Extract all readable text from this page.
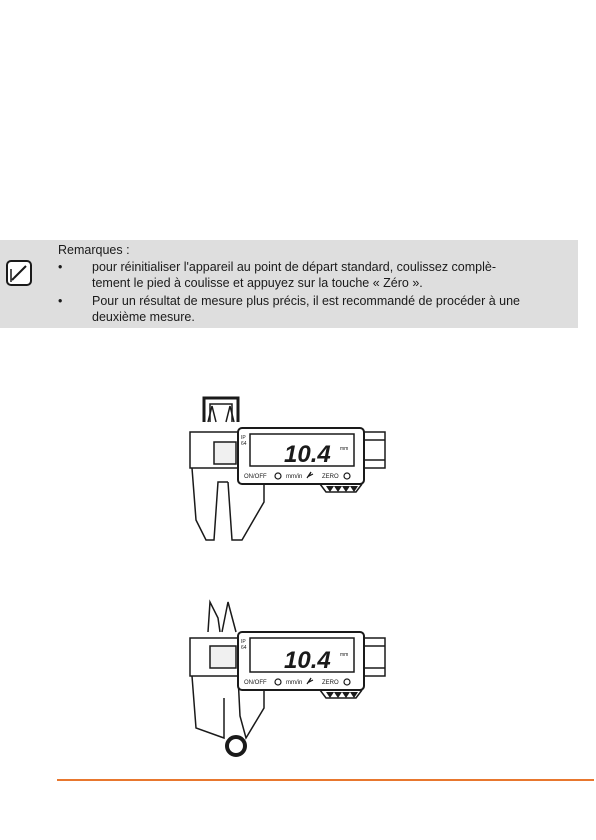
Remarques :
• pour réinitialiser l'appareil au point de départ standard, coulissez complè-tement le pied à coulisse et appuyez sur la touche « Zéro ».
• Pour un résultat de mesure plus précis, il est recommandé de procéder à une deuxième mesure.
IP
64 10.4 mm
ON/OFF	mm/in	ZERO
IP
64 10.4 mm
ON/OFF	mm/in	ZERO
